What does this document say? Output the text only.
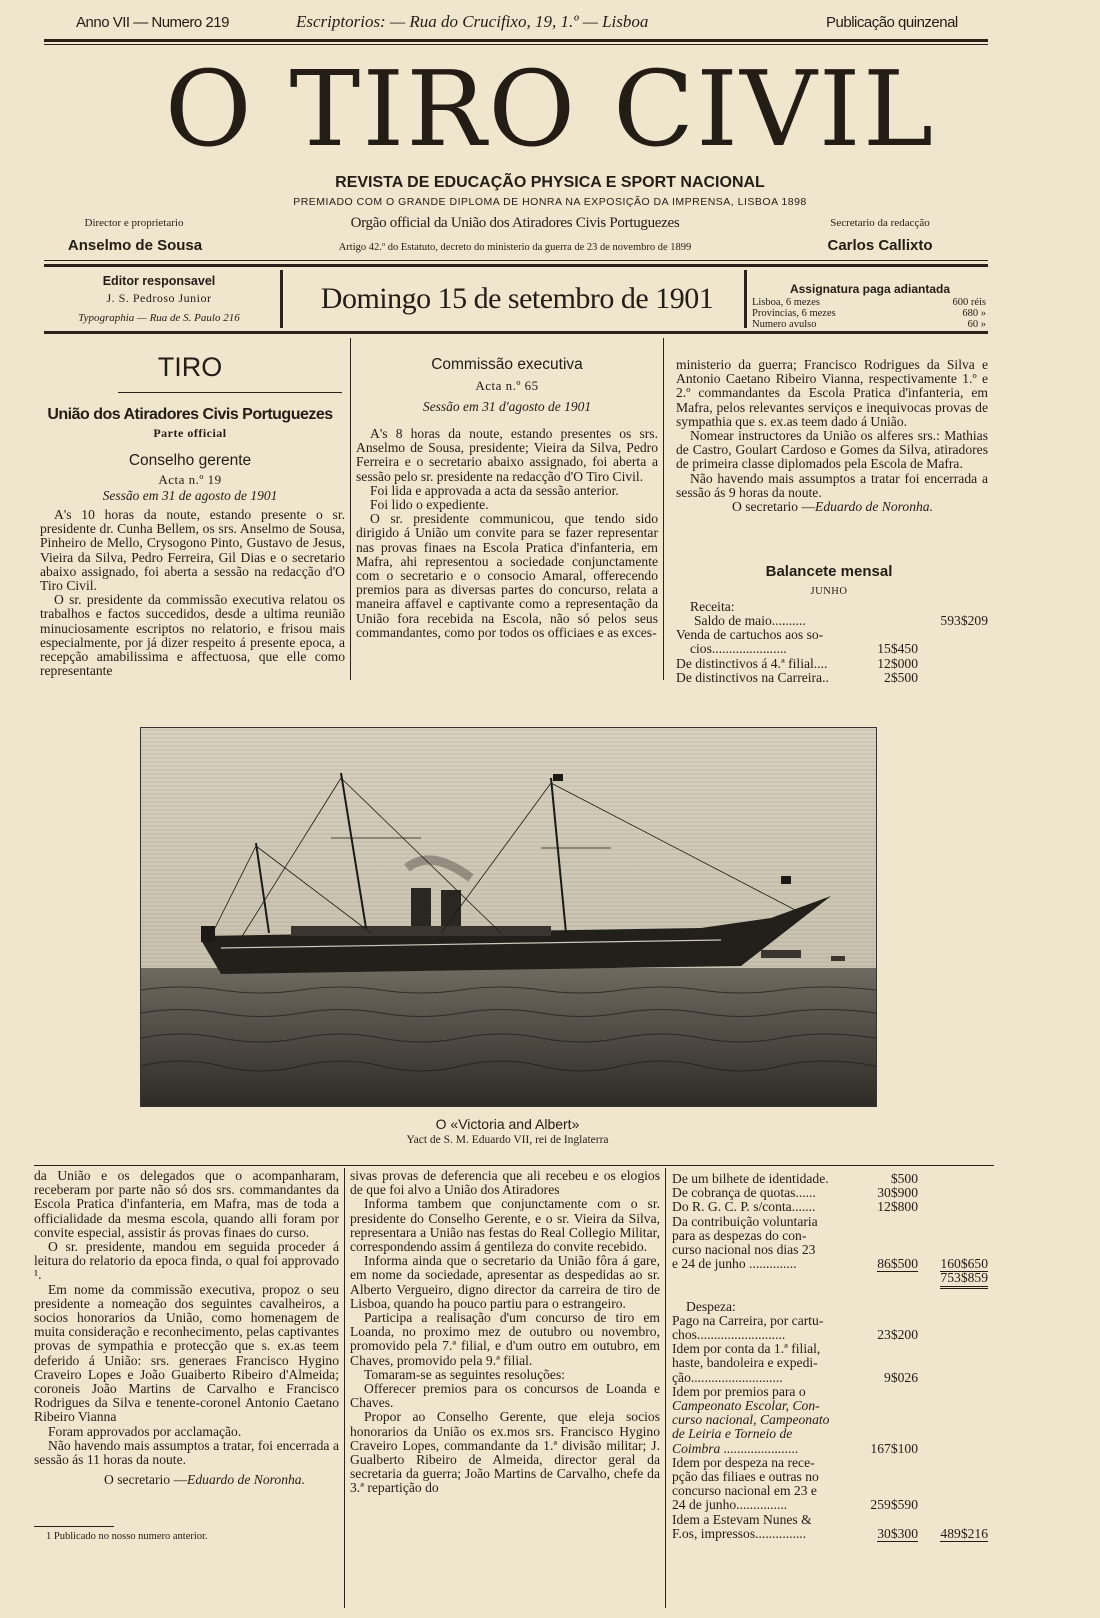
Anno VII — Numero 219	Escriptorios: — Rua do Crucifixo, 19, 1.º — Lisboa	Publicação quinzenal
O TIRO CIVIL
REVISTA DE EDUCAÇÃO PHYSICA E SPORT NACIONAL
PREMIADO COM O GRANDE DIPLOMA DE HONRA NA EXPOSIÇÃO DA IMPRENSA, LISBOA 1898
Director e proprietario
Anselmo de Sousa
Orgão official da União dos Atiradores Civis Portuguezes
Artigo 42.º do Estatuto, decreto do ministerio da guerra de 23 de novembro de 1899
Secretario da redacção
Carlos Callixto
Editor responsavel
J. S. Pedroso Junior
Typographia — Rua de S. Paulo 216
Domingo 15 de setembro de 1901	Assignatura paga adiantada
Lisboa, 6 mezes	600 réis
Provincias, 6 mezes	680 »
Numero avulso	60 »
TIRO
União dos Atiradores Civis Portuguezes
Parte official
Conselho gerente
Acta n.º 19
Sessão em 31 de agosto de 1901

A's 10 horas da noute, estando presente o sr. presidente dr. Cunha Bellem, os srs. Anselmo de Sousa, Pinheiro de Mello, Crysogono Pinto, Gustavo de Jesus, Vieira da Silva, Pedro Ferreira, Gil Dias e o secretario abaixo assignado, foi aberta a sessão na redacção d'O Tiro Civil.

O sr. presidente da commissão executiva relatou os trabalhos e factos succedidos, desde a ultima reunião minuciosamente escriptos no relatorio, e frisou mais especialmente, por já dizer respeito á presente epoca, a recepção amabilissima e affectuosa, que elle como representante

Commissão executiva
Acta n.º 65
Sessão em 31 d'agosto de 1901

A's 8 horas da noute, estando presentes os srs. Anselmo de Sousa, presidente; Vieira da Silva, Pedro Ferreira e o secretario abaixo assignado, foi aberta a sessão pelo sr. presidente na redacção d'O Tiro Civil.

Foi lida e approvada a acta da sessão anterior.

Foi lido o expediente.

O sr. presidente communicou, que tendo sido dirigido á União um convite para se fazer representar nas provas finaes na Escola Pratica d'infanteria, em Mafra, ahi representou a sociedade conjunctamente com o secretario e o consocio Amaral, offerecendo premios para as diversas partes do concurso, relata a maneira affavel e captivante como a representação da União fora recebida na Escola, não só pelos seus commandantes, como por todos os officiaes e as exces-

ministerio da guerra; Francisco Rodrigues da Silva e Antonio Caetano Ribeiro Vianna, respectivamente 1.º e 2.º commandantes da Escola Pratica d'infanteria, em Mafra, pelos relevantes serviços e inequivocas provas de sympathia que s. ex.as teem dado á União.

Nomear instructores da União os alferes srs.: Mathias de Castro, Goulart Cardoso e Gomes da Silva, atiradores de primeira classe diplomados pela Escola de Mafra.

Não havendo mais assumptos a tratar foi encerrada a sessão ás 9 horas da noute.

O secretario —Eduardo de Noronha.

Balancete mensal
JUNHO
Receita:
Saldo de maio..........	593$209
Venda de cartuchos aos so-
cios......................	15$450
De distinctivos á 4.ª filial....	12$000
De distinctivos na Carreira..	2$500
O «Victoria and Albert»
Yact de S. M. Eduardo VII, rei de Inglaterra

da União e os delegados que o acompanharam, receberam por parte não só dos srs. commandantes da Escola Pratica d'infanteria, em Mafra, mas de toda a officialidade da mesma escola, quando alli foram por convite especial, assistir ás provas finaes do curso.

O sr. presidente, mandou em seguida proceder á leitura do relatorio da epoca finda, o qual foi approvado ¹.

Em nome da commissão executiva, propoz o seu presidente a nomeação dos seguintes cavalheiros, a socios honorarios da União, como homenagem de muita consideração e reconhecimento, pelas captivantes provas de sympathia e protecção que s. ex.as teem deferido á União: srs. generaes Francisco Hygino Craveiro Lopes e João Guaiberto Ribeiro d'Almeida; coroneis João Martins de Carvalho e Francisco Rodrigues da Silva e tenente-coronel Antonio Caetano Ribeiro Vianna

Foram approvados por acclamação.

Não havendo mais assumptos a tratar, foi encerrada a sessão ás 11 horas da noute.

O secretario —Eduardo de Noronha.

1 Publicado no nosso numero anterior.

sivas provas de deferencia que ali recebeu e os elogios de que foi alvo a União dos Atiradores

Informa tambem que conjunctamente com o sr. presidente do Conselho Gerente, e o sr. Vieira da Silva, representara a União nas festas do Real Collegio Militar, correspondendo assim á gentileza do convite recebido.

Informa ainda que o secretario da União fôra á gare, em nome da sociedade, apresentar as despedidas ao sr. Alberto Vergueiro, digno director da carreira de tiro de Lisboa, quando ha pouco partiu para o estrangeiro.

Participa a realisação d'um concurso de tiro em Loanda, no proximo mez de outubro ou novembro, promovido pela 7.ª filial, e d'um outro em outubro, em Chaves, promovido pela 9.ª filial.

Tomaram-se as seguintes resoluções:

Offerecer premios para os concursos de Loanda e Chaves.

Propor ao Conselho Gerente, que eleja socios honorarios da União os ex.mos srs. Francisco Hygino Craveiro Lopes, commandante da 1.ª divisão militar; J. Gualberto Ribeiro de Almeida, director geral da secretaria da guerra; João Martins de Carvalho, chefe da 3.ª repartição do

De um bilhete de identidade.	$500
De cobrança de quotas......	30$900
Do R. G. C. P. s/conta.......	12$800
Da contribuição voluntaria
para as despezas do con-
curso nacional nos dias 23
e 24 de junho ..............	86$500 160$650
753$859
Despeza:
Pago na Carreira, por cartu-
chos..........................	23$200
Idem por conta da 1.ª filial,
haste, bandoleira e expedi-
ção...........................	9$026
Idem por premios para o
Campeonato Escolar, Con-
curso nacional, Campeonato
de Leiria e Torneio de
Coimbra ......................	167$100
Idem por despeza na rece-
pção das filiaes e outras no
concurso nacional em 23 e
24 de junho...............	259$590
Idem a Estevam Nunes &
F.os, impressos...............	30$300 489$216
